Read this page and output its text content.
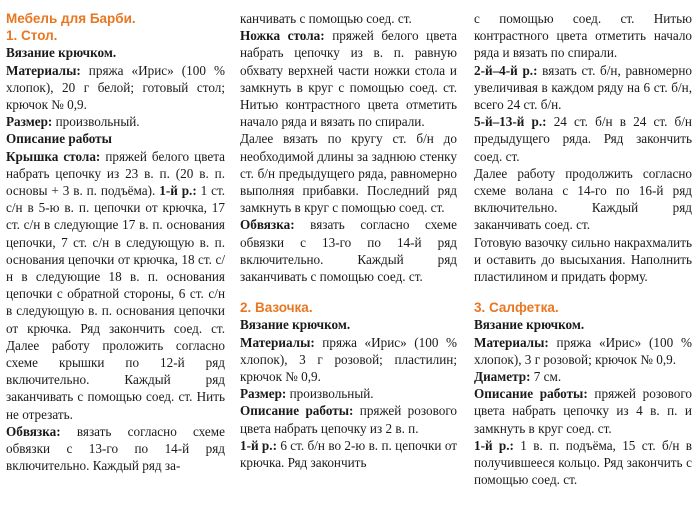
Мебель для Барби.

1. Стол.

Вязание крючком.

Материалы: пряжа «Ирис» (100 % хлопок), 20 г белой; готовый стол; крючок № 0,9.

Размер: произвольный.

Описание работы

Крышка стола: пряжей белого цвета набрать цепочку из 23 в. п. (20 в. п. основы + 3 в. п. подъёма). 1-й р.: 1 ст. с/н в 5-ю в. п. цепочки от крючка, 17 ст. с/н в следующие 17 в. п. основания цепочки, 7 ст. с/н в следующую в. п. основания цепочки от крючка, 18 ст. с/н в следующие 18 в. п. основания цепочки с обратной стороны, 6 ст. с/н в следующую в. п. основания цепочки от крючка. Ряд закончить соед. ст. Далее работу проложить согласно схеме крышки по 12-й ряд включительно. Каждый ряд заканчивать с помощью соед. ст. Нить не отрезать.

Обвязка: вязать согласно схеме обвязки с 13-го по 14-й ряд включительно. Каждый ряд за-

канчивать с помощью соед. ст.

Ножка стола: пряжей белого цвета набрать цепочку из в. п. равную обхвату верхней части ножки стола и замкнуть в круг с помощью соед. ст. Нитью контрастного цвета отметить начало ряда и вязать по спирали.

Далее вязать по кругу ст. б/н до необходимой длины за заднюю стенку ст. б/н предыдущего ряда, равномерно выполняя прибавки. Последний ряд замкнуть в круг с помощью соед. ст.

Обвязка: вязать согласно схеме обвязки с 13-го по 14-й ряд включительно. Каждый ряд заканчивать с помощью соед. ст.

2. Вазочка.

Вязание крючком.

Материалы: пряжа «Ирис» (100 % хлопок), 3 г розовой; пластилин; крючок № 0,9.

Размер: произвольный.

Описание работы: пряжей розового цвета набрать цепочку из 2 в. п.

1-й р.: 6 ст. б/н во 2-ю в. п. цепочки от крючка. Ряд закончить

с помощью соед. ст. Нитью контрастного цвета отметить начало ряда и вязать по спирали.

2-й–4-й р.: вязать ст. б/н, равномерно увеличивая в каждом ряду на 6 ст. б/н, всего 24 ст. б/н.

5-й–13-й р.: 24 ст. б/н в 24 ст. б/н предыдущего ряда. Ряд закончить соед. ст.

Далее работу продолжить согласно схеме волана с 14-го по 16-й ряд включительно. Каждый ряд заканчивать соед. ст.

Готовую вазочку сильно накрахмалить и оставить до высыхания. Наполнить пластилином и придать форму.

3. Салфетка.

Вязание крючком.

Материалы: пряжа «Ирис» (100 % хлопок), 3 г розовой; крючок № 0,9.

Диаметр: 7 см.

Описание работы: пряжей розового цвета набрать цепочку из 4 в. п. и замкнуть в круг соед. ст.

1-й р.: 1 в. п. подъёма, 15 ст. б/н в получившееся кольцо. Ряд закончить с помощью соед. ст.
